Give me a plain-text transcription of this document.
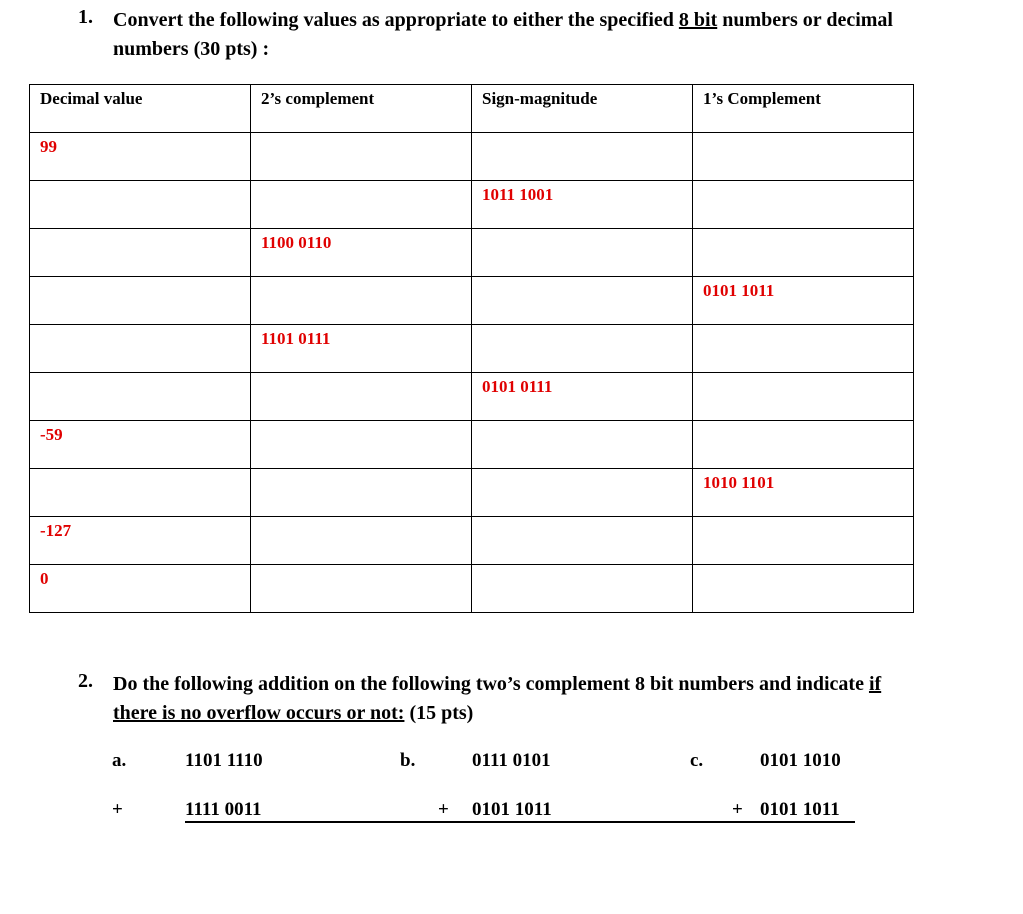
1. Convert the following values as appropriate to either the specified 8 bit numbers or decimal
numbers (30 pts) :
Decimal value	2’s complement	Sign-magnitude	1’s Complement
99			
		1011 1001	
	1100 0110		
			0101 1011
	1101 0111		
		0101 0111	
-59			
			1010 1101
-127			
0			
2. Do the following addition on the following two’s complement 8 bit numbers and indicate if
there is no overflow occurs or not: (15 pts)
a.	1101 1110
+	1111 0011
b.	0111 0101
+ 0101 1011
c.	0101 1010
+ 0101 1011
